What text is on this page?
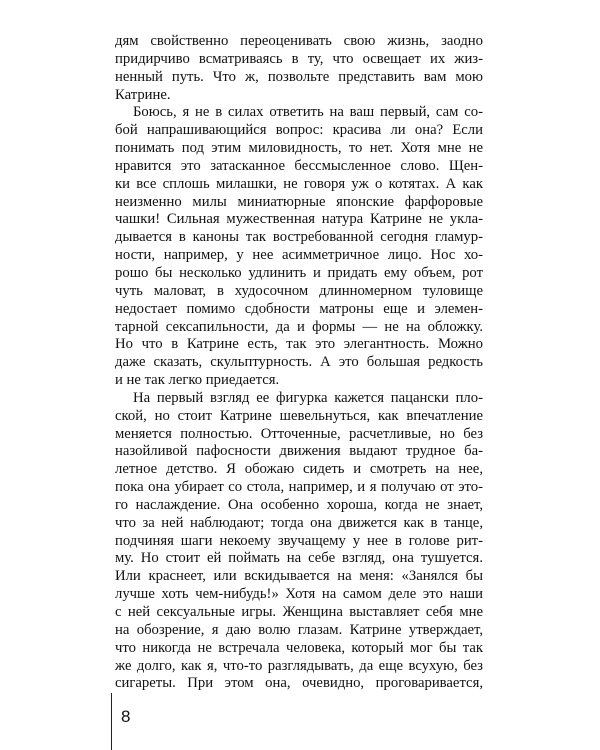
дям свойственно переоценивать свою жизнь, заодно
придирчиво всматриваясь в ту, что освещает их жиз-
ненный путь. Что ж, позвольте представить вам мою
Катрине.
Боюсь, я не в силах ответить на ваш первый, сам со-
бой напрашивающийся вопрос: красива ли она? Если
понимать под этим миловидность, то нет. Хотя мне не
нравится это затасканное бессмысленное слово. Щен-
ки все сплошь милашки, не говоря уж о котятах. А как
неизменно милы миниатюрные японские фарфоровые
чашки! Сильная мужественная натура Катрине не укла-
дывается в каноны так востребованной сегодня гламур-
ности, например, у нее асимметричное лицо. Нос хо-
рошо бы несколько удлинить и придать ему объем, рот
чуть маловат, в худосочном длинномерном туловище
недостает помимо сдобности матроны еще и элемен-
тарной сексапильности, да и формы — не на обложку.
Но что в Катрине есть, так это элегантность. Можно
даже сказать, скульптурность. А это большая редкость
и не так легко приедается.
На первый взгляд ее фигурка кажется пацански пло-
ской, но стоит Катрине шевельнуться, как впечатление
меняется полностью. Отточенные, расчетливые, но без
назойливой пафосности движения выдают трудное ба-
летное детство. Я обожаю сидеть и смотреть на нее,
пока она убирает со стола, например, и я получаю от это-
го наслаждение. Она особенно хороша, когда не знает,
что за ней наблюдают; тогда она движется как в танце,
подчиняя шаги некоему звучащему у нее в голове рит-
му. Но стоит ей поймать на себе взгляд, она тушуется.
Или краснеет, или вскидывается на меня: «Занялся бы
лучше хоть чем-нибудь!» Хотя на самом деле это наши
с ней сексуальные игры. Женщина выставляет себя мне
на обозрение, я даю волю глазам. Катрине утверждает,
что никогда не встречала человека, который мог бы так
же долго, как я, что-то разглядывать, да еще всухую, без
сигареты. При этом она, очевидно, проговаривается,
8
